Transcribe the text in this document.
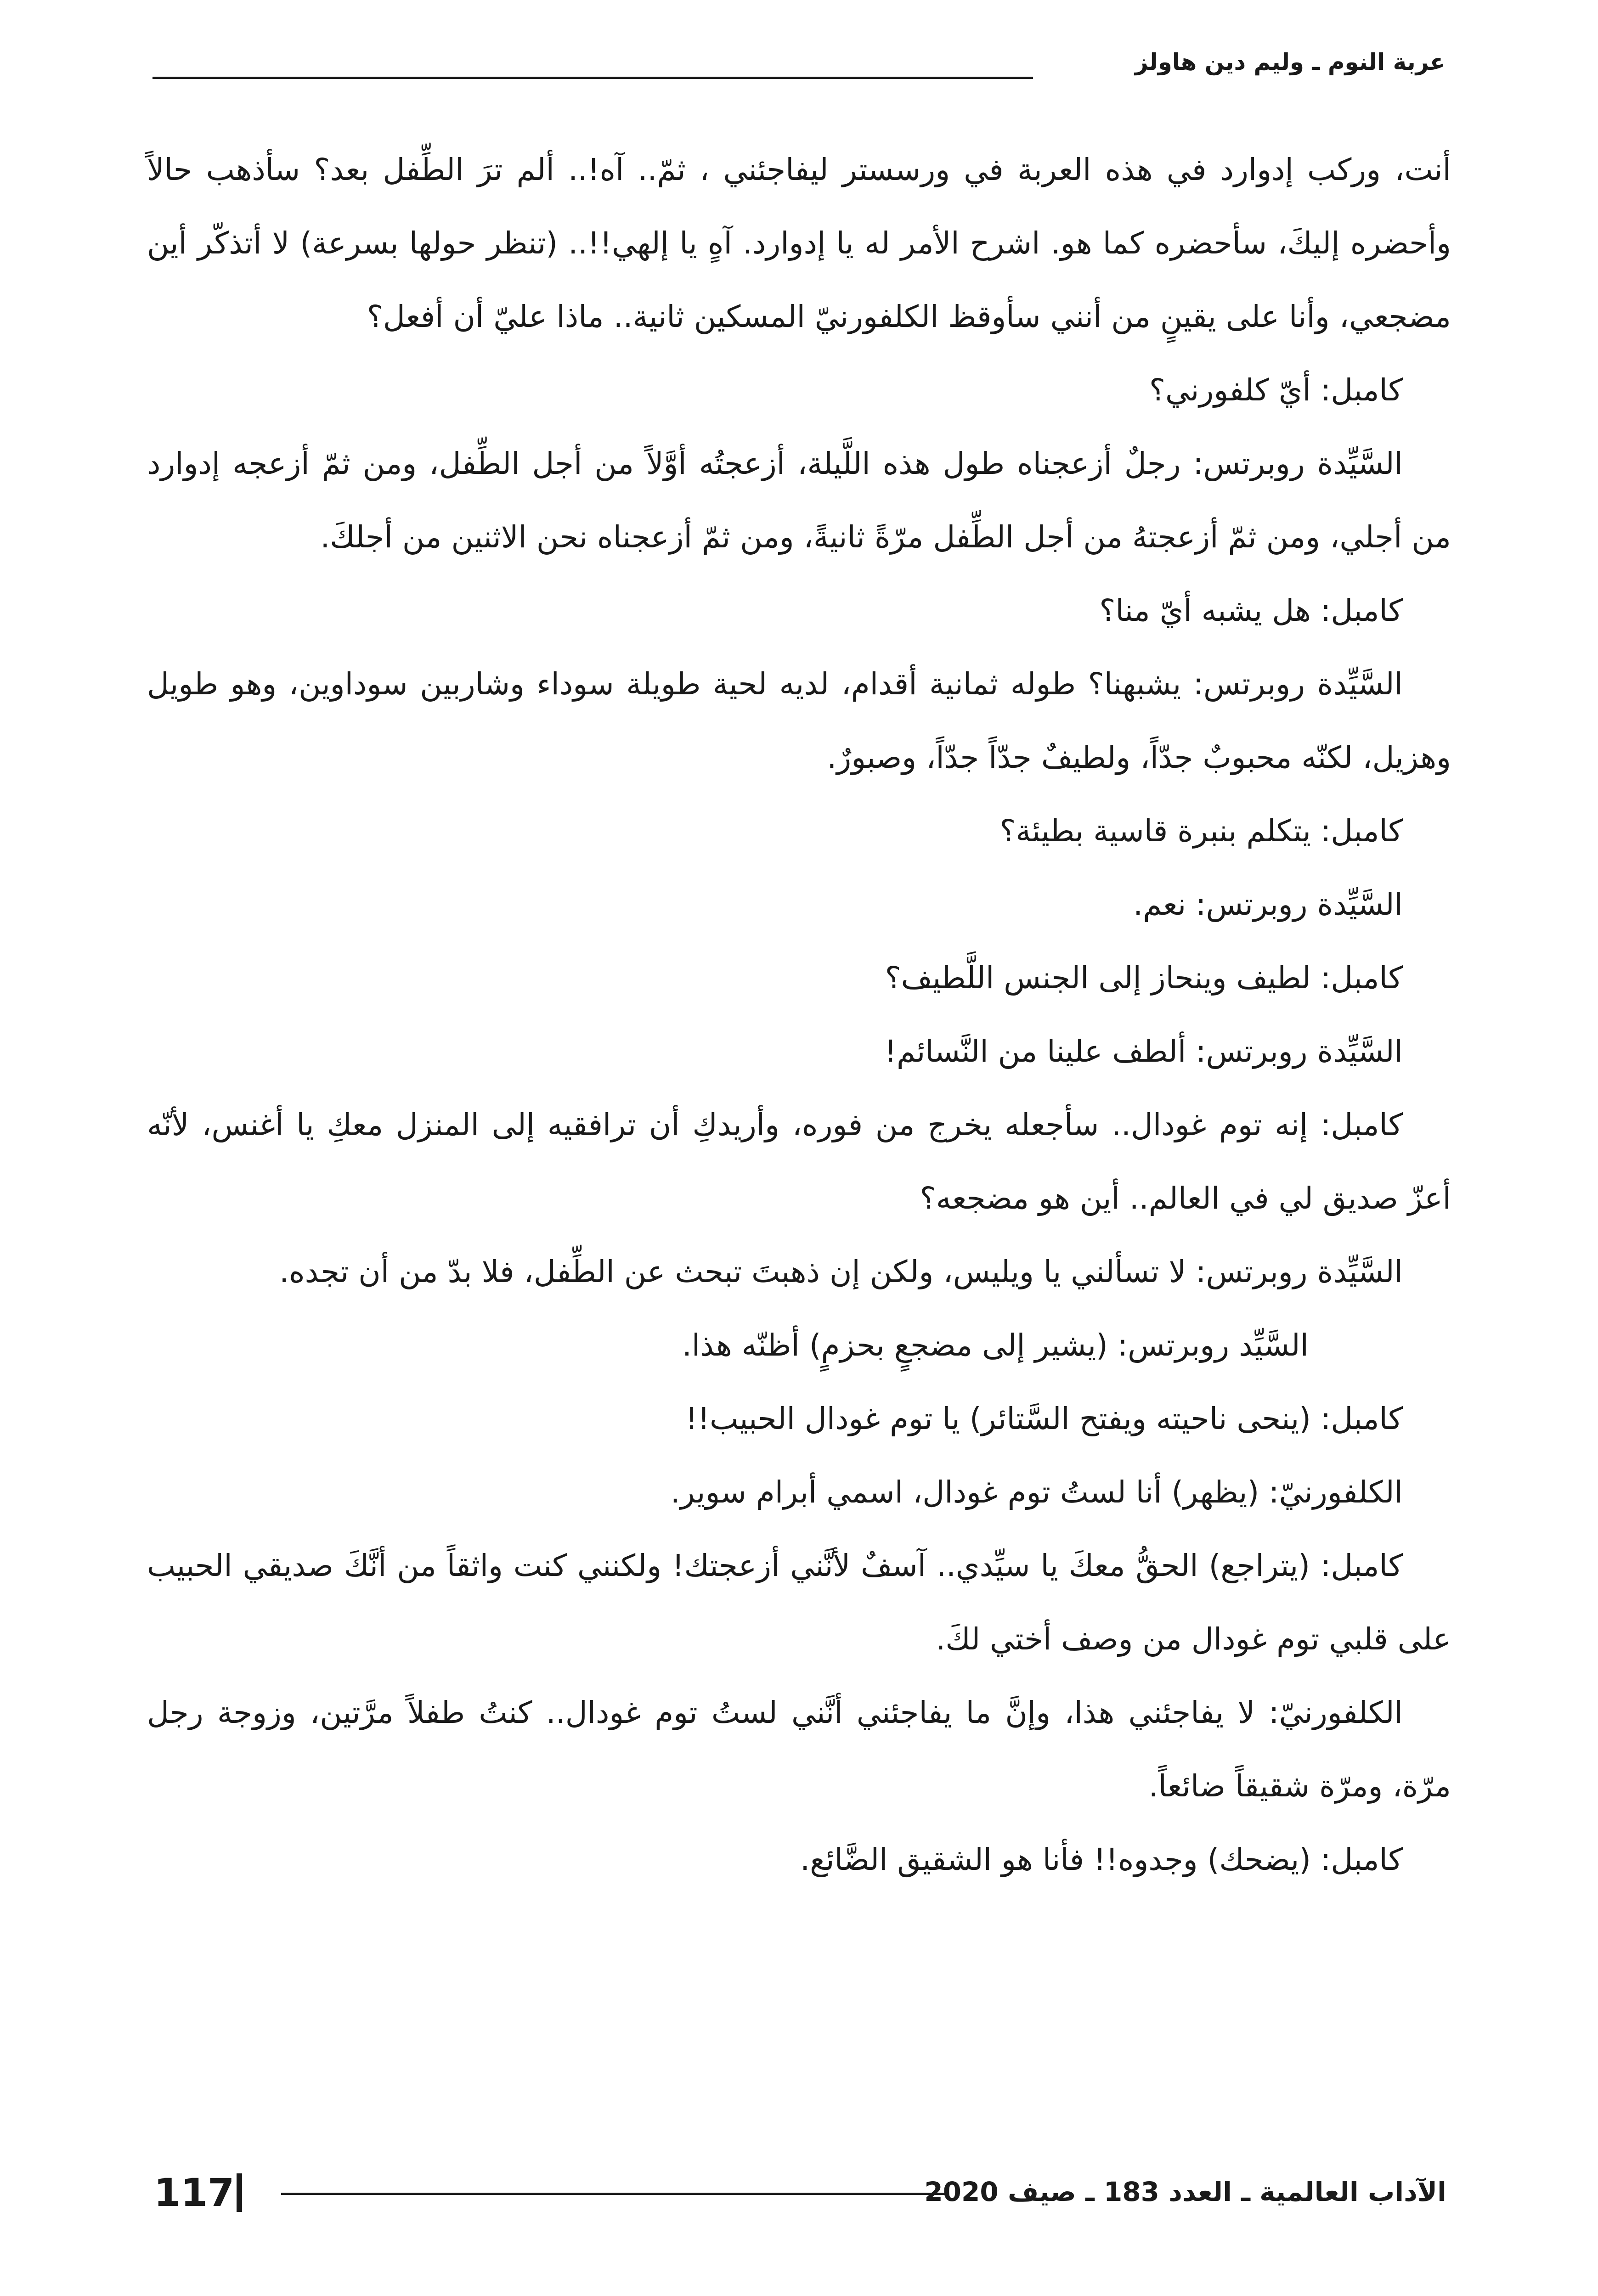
عربة النوم ـ وليم دين هاولز

أنت، وركب إدوارد في هذه العربة في ورسستر ليفاجئني ، ثمّ.. آه!.. ألم ترَ الطِّفل بعد؟ سأذهب حالاً وأحضره إليكَ، سأحضره كما هو. اشرح الأمر له يا إدوارد. آهٍ يا إلهي!!.. (تنظر حولها بسرعة) لا أتذكّر أين مضجعي، وأنا على يقينٍ من أنني سأوقظ الكلفورنيّ المسكين ثانية.. ماذا عليّ أن أفعل؟

كامبل: أيّ كلفورني؟

السَّيِّدة روبرتس: رجلٌ أزعجناه طول هذه اللَّيلة، أزعجتُه أوَّلاً من أجل الطِّفل، ومن ثمّ أزعجه إدوارد من أجلي، ومن ثمّ أزعجتهُ من أجل الطِّفل مرّةً ثانيةً، ومن ثمّ أزعجناه نحن الاثنين من أجلكَ.

كامبل: هل يشبه أيّ منا؟

السَّيِّدة روبرتس: يشبهنا؟ طوله ثمانية أقدام، لديه لحية طويلة سوداء وشاربين سوداوين، وهو طويل وهزيل، لكنّه محبوبٌ جدّاً، ولطيفٌ جدّاً جدّاً، وصبورٌ.

كامبل: يتكلم بنبرة قاسية بطيئة؟

السَّيِّدة روبرتس: نعم.

كامبل: لطيف وينحاز إلى الجنس اللَّطيف؟

السَّيِّدة روبرتس: ألطف علينا من النَّسائم!

كامبل: إنه توم غودال.. سأجعله يخرج من فوره، وأريدكِ أن ترافقيه إلى المنزل معكِ يا أغنس، لأنّه أعزّ صديق لي في العالم.. أين هو مضجعه؟

السَّيِّدة روبرتس: لا تسألني يا ويليس، ولكن إن ذهبتَ تبحث عن الطِّفل، فلا بدّ من أن تجده.

السَّيِّد روبرتس: (يشير إلى مضجعٍ بحزمٍ) أظنّه هذا.

كامبل: (ينحى ناحيته ويفتح السَّتائر) يا توم غودال الحبيب!!

الكلفورنيّ: (يظهر) أنا لستُ توم غودال، اسمي أبرام سوير.

كامبل: (يتراجع) الحقُّ معكَ يا سيِّدي.. آسفٌ لأنَّني أزعجتك! ولكنني كنت واثقاً من أنَّكَ صديقي الحبيب على قلبي توم غودال من وصف أختي لكَ.

الكلفورنيّ: لا يفاجئني هذا، وإنَّ ما يفاجئني أنَّني لستُ توم غودال.. كنتُ طفلاً مرَّتين، وزوجة رجل مرّة، ومرّة شقيقاً ضائعاً.

كامبل: (يضحك) وجدوه!! فأنا هو الشقيق الضَّائع.

117	الآداب العالمية ـ العدد 183 ـ صيف 2020
